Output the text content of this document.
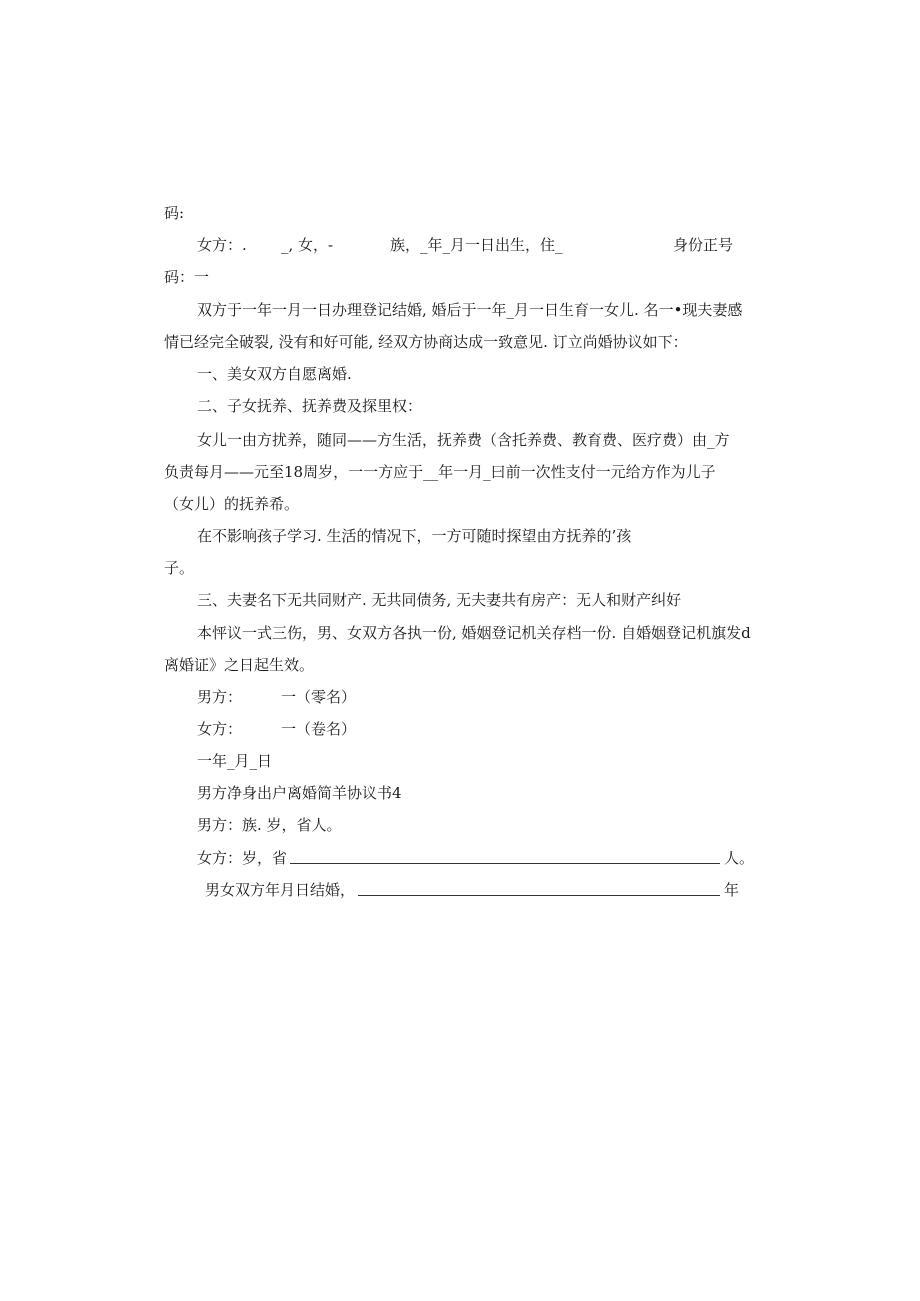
码:
女方：. _, 女，-	族，_年_月一日出生，住_	身份正号
码：一
双方于一年一月一日办理登记结婚, 婚后于一年_月一日生育一女儿. 名一•现夫妻感
情已经完全破裂, 没有和好可能, 经双方协商达成一致意见. 订立尚婚协议如下：
一、美女双方自愿离婚.
二、子女抚养、抚养费及探里权：
女儿一由方扰养，随同——方生活，抚养费（含托养费、教育费、医疗费）由_方
负责每月——元至18周岁，一一方应于__年一月_曰前一次性支付一元给方作为儿子
（女儿）的抚养希。
在不影响孩子学习. 生活的情况下，一方可随时探望由方抚养的’孩
子。
三、夫妻名下无共同财产. 无共同债务, 无夫妻共有房产：无人和财产纠好
本怦议一式三伤，男、女双方各执一份, 婚姻登记机关存档一份. 自婚姻登记机旗发d
离婚证》之日起生效。
男方：	一（零名）
女方：	一（卷名）
一年_月_日
男方净身出户离婚简羊协议书4
男方：族. 岁，省人。
女方：岁，省	人。
男女双方年月日结婚，	年
